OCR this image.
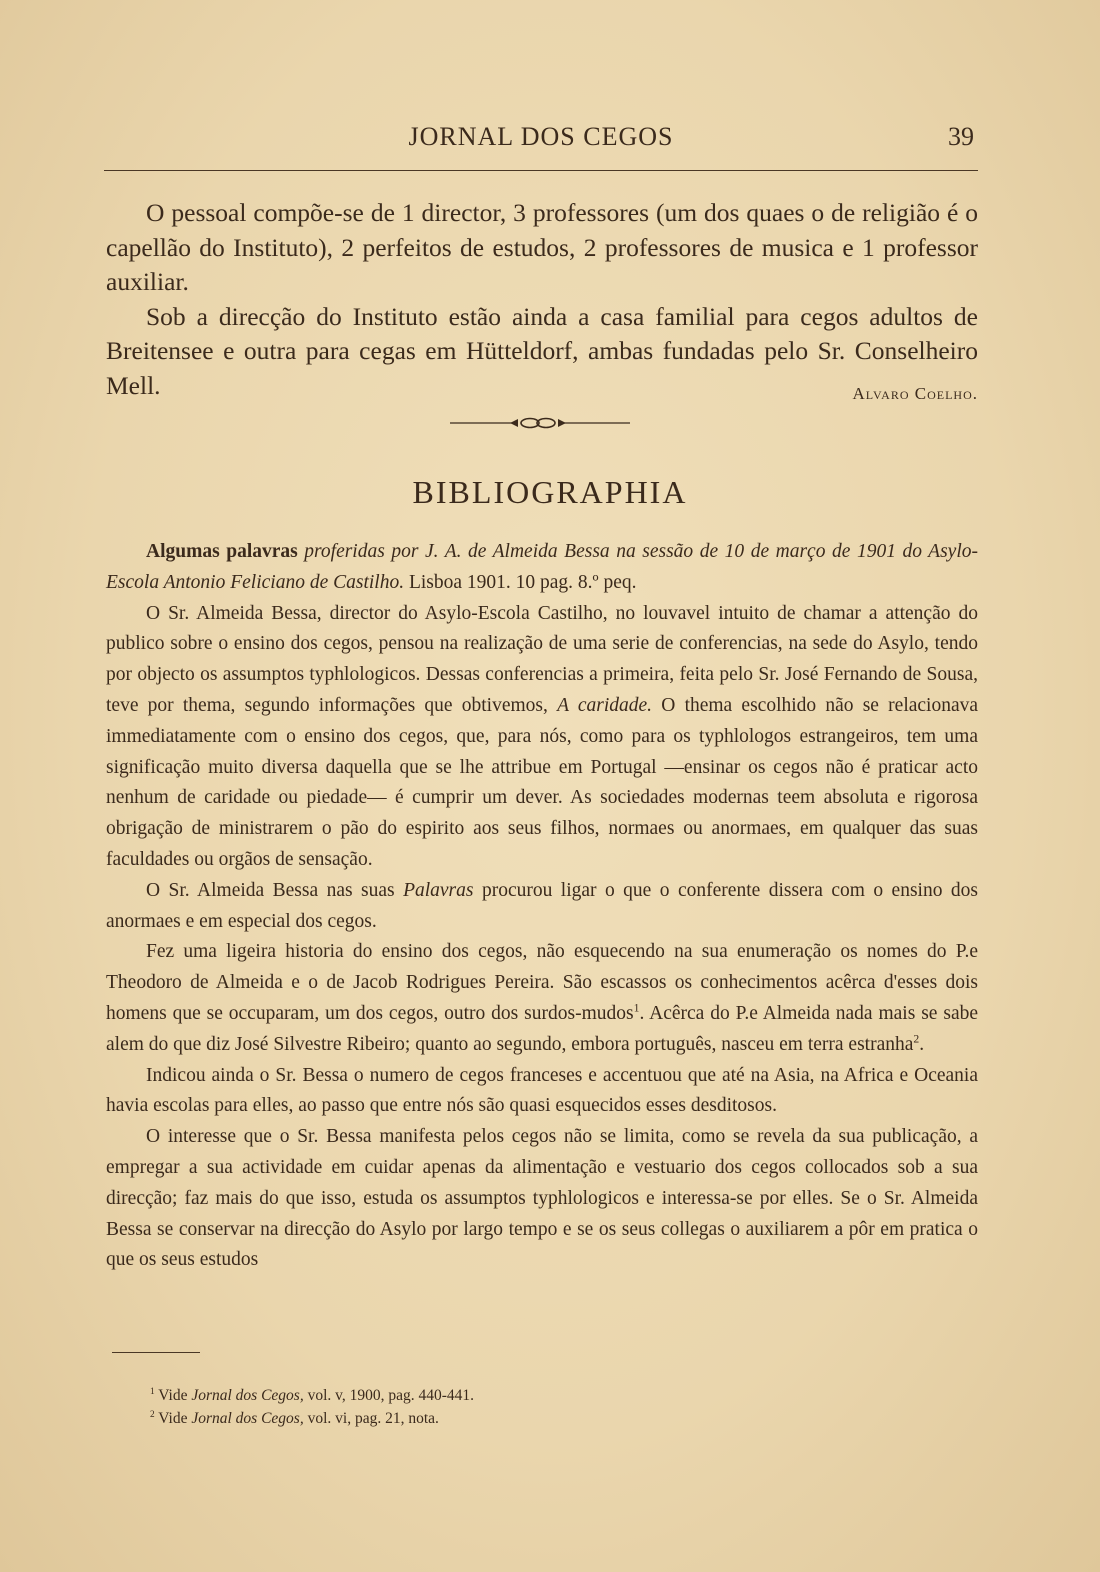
JORNAL DOS CEGOS	39

O pessoal compõe-se de 1 director, 3 professores (um dos quaes o de religião é o capellão do Instituto), 2 perfeitos de estudos, 2 professores de musica e 1 professor auxiliar.

Sob a direcção do Instituto estão ainda a casa familial para cegos adultos de Breitensee e outra para cegas em Hütteldorf, ambas fundadas pelo Sr. Conselheiro Mell.	Alvaro Coelho.

BIBLIOGRAPHIA

Algumas palavras proferidas por J. A. de Almeida Bessa na sessão de 10 de março de 1901 do Asylo-Escola Antonio Feliciano de Castilho. Lisboa 1901. 10 pag. 8.º peq.

O Sr. Almeida Bessa, director do Asylo-Escola Castilho, no louvavel intuito de chamar a attenção do publico sobre o ensino dos cegos, pensou na realização de uma serie de conferencias, na sede do Asylo, tendo por objecto os assumptos typhlologicos. Dessas conferencias a primeira, feita pelo Sr. José Fernando de Sousa, teve por thema, segundo informações que obtivemos, A caridade. O thema escolhido não se relacionava immediatamente com o ensino dos cegos, que, para nós, como para os typhlologos estrangeiros, tem uma significação muito diversa daquella que se lhe attribue em Portugal —ensinar os cegos não é praticar acto nenhum de caridade ou piedade— é cumprir um dever. As sociedades modernas teem absoluta e rigorosa obrigação de ministrarem o pão do espirito aos seus filhos, normaes ou anormaes, em qualquer das suas faculdades ou orgãos de sensação.

O Sr. Almeida Bessa nas suas Palavras procurou ligar o que o conferente dissera com o ensino dos anormaes e em especial dos cegos.

Fez uma ligeira historia do ensino dos cegos, não esquecendo na sua enumeração os nomes do P.e Theodoro de Almeida e o de Jacob Rodrigues Pereira. São escassos os conhecimentos acêrca d'esses dois homens que se occuparam, um dos cegos, outro dos surdos-mudos$^1$. Acêrca do P.e Almeida nada mais se sabe alem do que diz José Silvestre Ribeiro; quanto ao segundo, embora português, nasceu em terra estranha$^2$.

Indicou ainda o Sr. Bessa o numero de cegos franceses e accentuou que até na Asia, na Africa e Oceania havia escolas para elles, ao passo que entre nós são quasi esquecidos esses desditosos.

O interesse que o Sr. Bessa manifesta pelos cegos não se limita, como se revela da sua publicação, a empregar a sua actividade em cuidar apenas da alimentação e vestuario dos cegos collocados sob a sua direcção; faz mais do que isso, estuda os assumptos typhlologicos e interessa-se por elles. Se o Sr. Almeida Bessa se conservar na direcção do Asylo por largo tempo e se os seus collegas o auxiliarem a pôr em pratica o que os seus estudos

$^1$ Vide Jornal dos Cegos, vol. v, 1900, pag. 440-441.
$^2$ Vide Jornal dos Cegos, vol. vi, pag. 21, nota.
